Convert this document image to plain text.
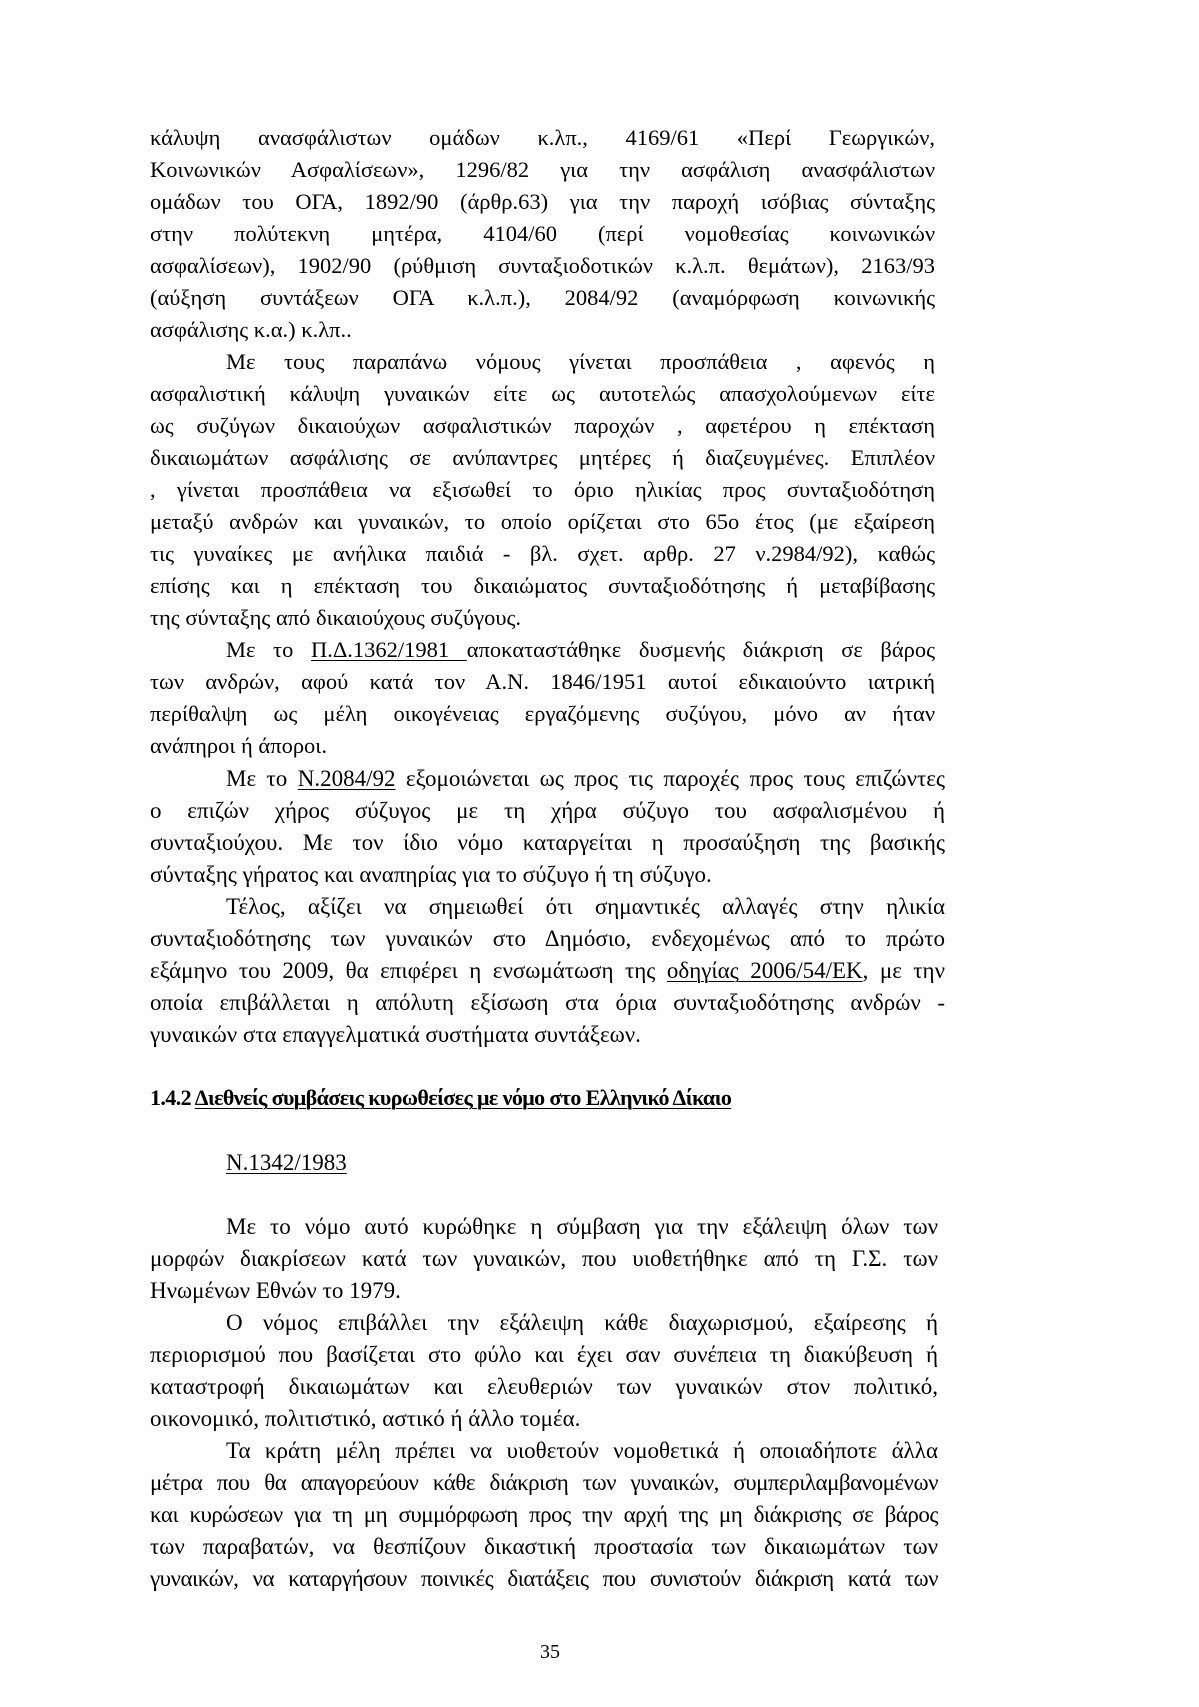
κάλυψη ανασφάλιστων ομάδων κ.λπ., 4169/61 «Περί Γεωργικών,
Κοινωνικών Ασφαλίσεων», 1296/82 για την ασφάλιση ανασφάλιστων
ομάδων του ΟΓΑ, 1892/90 (άρθρ.63) για την παροχή ισόβιας σύνταξης
στην πολύτεκνη μητέρα, 4104/60 (περί νομοθεσίας κοινωνικών
ασφαλίσεων), 1902/90 (ρύθμιση συνταξιοδοτικών κ.λ.π. θεμάτων), 2163/93
(αύξηση συντάξεων ΟΓΑ κ.λ.π.), 2084/92 (αναμόρφωση κοινωνικής
ασφάλισης κ.α.) κ.λπ..
Με τους παραπάνω νόμους γίνεται προσπάθεια , αφενός η
ασφαλιστική κάλυψη γυναικών είτε ως αυτοτελώς απασχολούμενων είτε
ως συζύγων δικαιούχων ασφαλιστικών παροχών , αφετέρου η επέκταση
δικαιωμάτων ασφάλισης σε ανύπαντρες μητέρες ή διαζευγμένες. Επιπλέον
, γίνεται προσπάθεια να εξισωθεί το όριο ηλικίας προς συνταξιοδότηση
μεταξύ ανδρών και γυναικών, το οποίο ορίζεται στο 65ο έτος (με εξαίρεση
τις γυναίκες με ανήλικα παιδιά - βλ. σχετ. αρθρ. 27 ν.2984/92), καθώς
επίσης και η επέκταση του δικαιώματος συνταξιοδότησης ή μεταβίβασης
της σύνταξης από δικαιούχους συζύγους.
Με το Π.Δ.1362/1981 αποκαταστάθηκε δυσμενής διάκριση σε βάρος
των ανδρών, αφού κατά τον Α.Ν. 1846/1951 αυτοί εδικαιούντο ιατρική
περίθαλψη ως μέλη οικογένειας εργαζόμενης συζύγου, μόνο αν ήταν
ανάπηροι ή άποροι.
Με το Ν.2084/92 εξομοιώνεται ως προς τις παροχές προς τους επιζώντες
ο επιζών χήρος σύζυγος με τη χήρα σύζυγο του ασφαλισμένου ή
συνταξιούχου. Με τον ίδιο νόμο καταργείται η προσαύξηση της βασικής
σύνταξης γήρατος και αναπηρίας για το σύζυγο ή τη σύζυγο.
Τέλος, αξίζει να σημειωθεί ότι σημαντικές αλλαγές στην ηλικία
συνταξιοδότησης των γυναικών στο Δημόσιο, ενδεχομένως από το πρώτο
εξάμηνο του 2009, θα επιφέρει η ενσωμάτωση της οδηγίας 2006/54/ΕΚ, με την
οποία επιβάλλεται η απόλυτη εξίσωση στα όρια συνταξιοδότησης ανδρών -
γυναικών στα επαγγελματικά συστήματα συντάξεων.
1.4.2 Διεθνείς συμβάσεις κυρωθείσες με νόμο στο Ελληνικό Δίκαιο
Ν.1342/1983
Με το νόμο αυτό κυρώθηκε η σύμβαση για την εξάλειψη όλων των
μορφών διακρίσεων κατά των γυναικών, που υιοθετήθηκε από τη Γ.Σ. των
Ηνωμένων Εθνών το 1979.
Ο νόμος επιβάλλει την εξάλειψη κάθε διαχωρισμού, εξαίρεσης ή
περιορισμού που βασίζεται στο φύλο και έχει σαν συνέπεια τη διακύβευση ή
καταστροφή δικαιωμάτων και ελευθεριών των γυναικών στον πολιτικό,
οικονομικό, πολιτιστικό, αστικό ή άλλο τομέα.
Τα κράτη μέλη πρέπει να υιοθετούν νομοθετικά ή οποιαδήποτε άλλα
μέτρα που θα απαγορεύουν κάθε διάκριση των γυναικών, συμπεριλαμβανομένων
και κυρώσεων για τη μη συμμόρφωση προς την αρχή της μη διάκρισης σε βάρος
των παραβατών, να θεσπίζουν δικαστική προστασία των δικαιωμάτων των
γυναικών, να καταργήσουν ποινικές διατάξεις που συνιστούν διάκριση κατά των
35
